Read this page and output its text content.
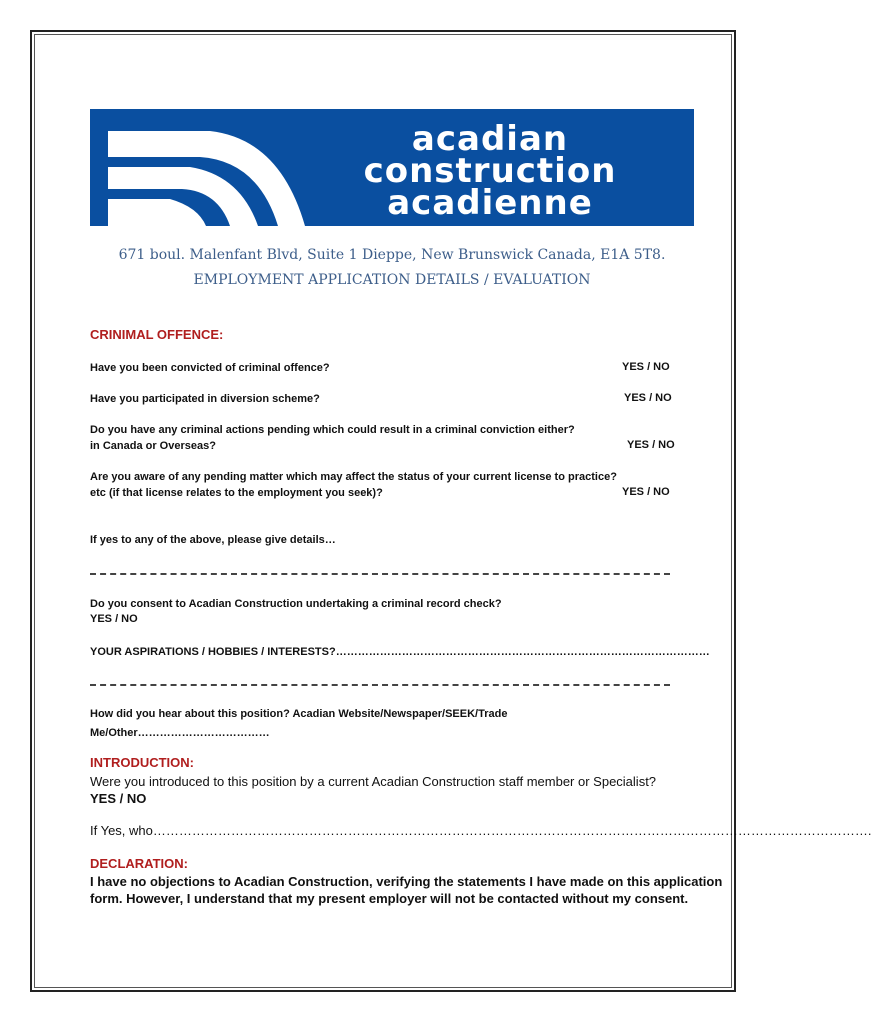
acadian
construction
acadienne
671 boul. Malenfant Blvd, Suite 1 Dieppe, New Brunswick Canada, E1A 5T8.
EMPLOYMENT APPLICATION DETAILS / EVALUATION
CRINIMAL OFFENCE:
Have you been convicted of criminal offence?	YES / NO
Have you participated in diversion scheme?	YES / NO
Do you have any criminal actions pending which could result in a criminal conviction either?
in Canada or Overseas?	YES / NO
Are you aware of any pending matter which may affect the status of your current license to practice?
etc (if that license relates to the employment you seek)?	YES / NO
If yes to any of the above, please give details…
Do you consent to Acadian Construction undertaking a criminal record check?
YES / NO
YOUR ASPIRATIONS / HOBBIES / INTERESTS?…………………………………………………………………………………………
How did you hear about this position? Acadian Website/Newspaper/SEEK/Trade
Me/Other………………………………
INTRODUCTION:
Were you introduced to this position by a current Acadian Construction staff member or Specialist?
YES / NO
If Yes, who………………………………………………………………………………………………………………………………………………….
DECLARATION:
I have no objections to Acadian Construction, verifying the statements I have made on this application
form. However, I understand that my present employer will not be contacted without my consent.
